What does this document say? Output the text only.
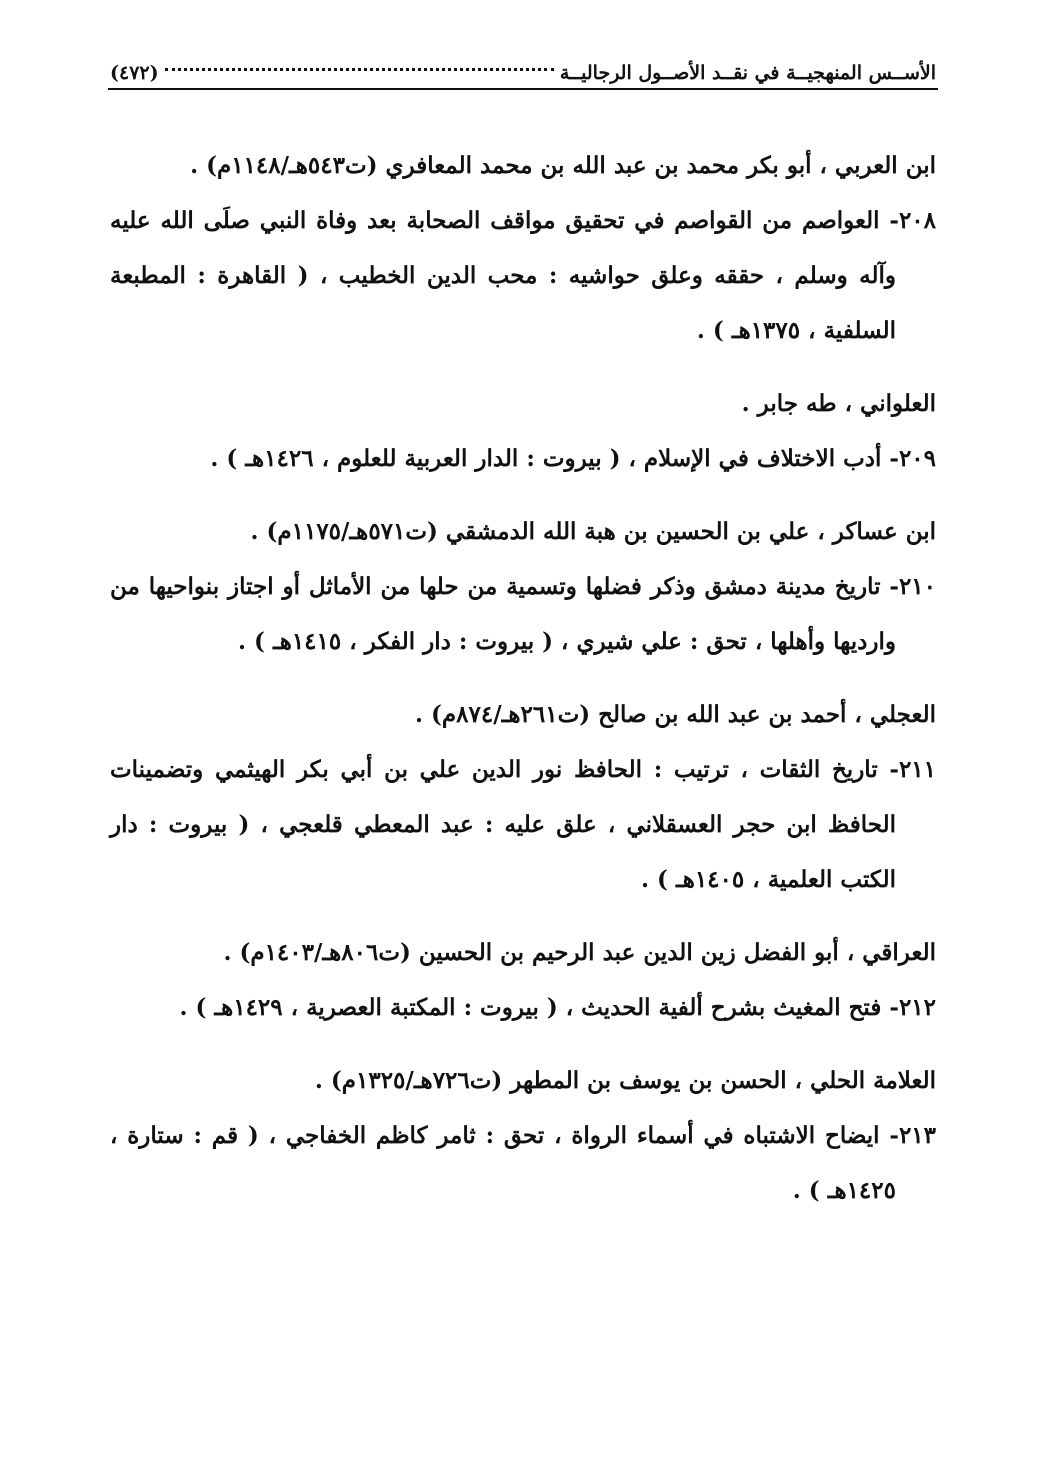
الأســس المنهجيــة في نقــد الأصــول الرجاليــة
(٤٧٢)

ابن العربي ، أبو بكر محمد بن عبد الله بن محمد المعافري (ت٥٤٣هـ/١١٤٨م) .

٢٠٨- العواصم من القواصم في تحقيق مواقف الصحابة بعد وفاة النبي صلَى الله عليه وآله وسلم ، حققه وعلق حواشيه : محب الدين الخطيب ، ( القاهرة : المطبعة السلفية ، ١٣٧٥هـ ) .

العلواني ، طه جابر .

٢٠٩- أدب الاختلاف في الإسلام ، ( بيروت : الدار العربية للعلوم ، ١٤٢٦هـ ) .

ابن عساكر ، علي بن الحسين بن هبة الله الدمشقي (ت٥٧١هـ/١١٧٥م) .

٢١٠- تاريخ مدينة دمشق وذكر فضلها وتسمية من حلها من الأماثل أو اجتاز بنواحيها من وارديها وأهلها ، تحق : علي شيري ، ( بيروت : دار الفكر ، ١٤١٥هـ ) .

العجلي ، أحمد بن عبد الله بن صالح (ت٢٦١هـ/٨٧٤م) .

٢١١- تاريخ الثقات ، ترتيب : الحافظ نور الدين علي بن أبي بكر الهيثمي وتضمينات الحافظ ابن حجر العسقلاني ، علق عليه : عبد المعطي قلعجي ، ( بيروت : دار الكتب العلمية ، ١٤٠٥هـ ) .

العراقي ، أبو الفضل زين الدين عبد الرحيم بن الحسين (ت٨٠٦هـ/١٤٠٣م) .

٢١٢- فتح المغيث بشرح ألفية الحديث ، ( بيروت : المكتبة العصرية ، ١٤٢٩هـ ) .

العلامة الحلي ، الحسن بن يوسف بن المطهر (ت٧٢٦هـ/١٣٢٥م) .

٢١٣- ايضاح الاشتباه في أسماء الرواة ، تحق : ثامر كاظم الخفاجي ، ( قم : ستارة ، ١٤٢٥هـ ) .
